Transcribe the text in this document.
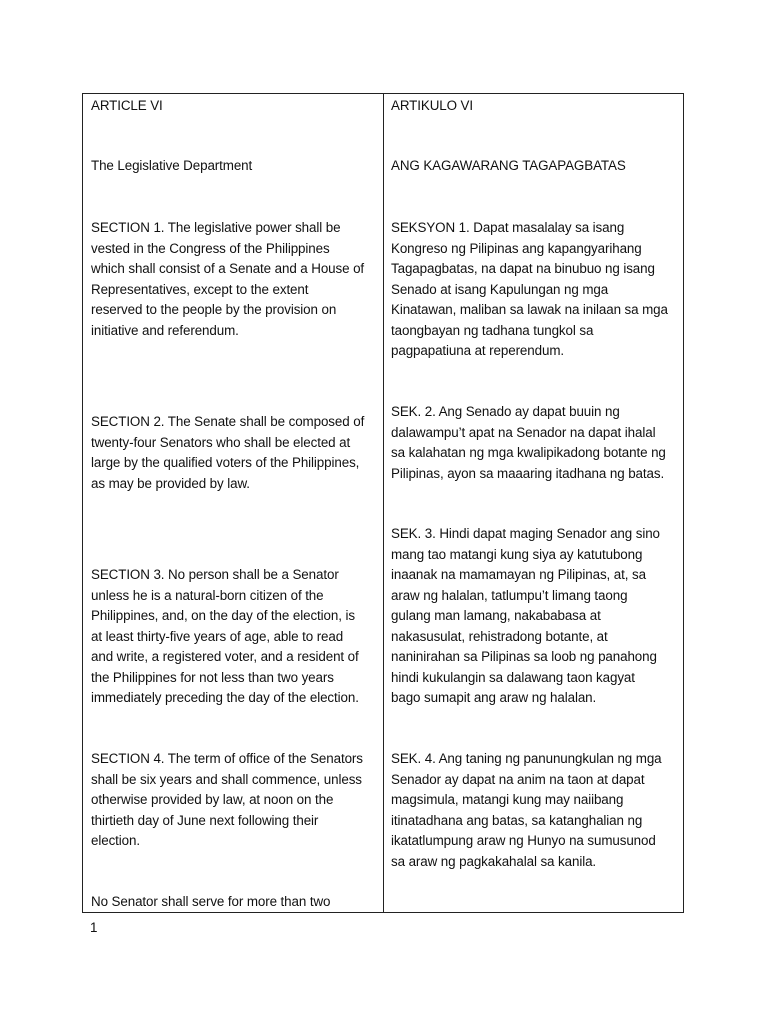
ARTICLE VI
The Legislative Department
SECTION 1. The legislative power shall be
vested in the Congress of the Philippines
which shall consist of a Senate and a House of
Representatives, except to the extent
reserved to the people by the provision on
initiative and referendum.
SECTION 2. The Senate shall be composed of
twenty-four Senators who shall be elected at
large by the qualified voters of the Philippines,
as may be provided by law.
SECTION 3. No person shall be a Senator
unless he is a natural-born citizen of the
Philippines, and, on the day of the election, is
at least thirty-five years of age, able to read
and write, a registered voter, and a resident of
the Philippines for not less than two years
immediately preceding the day of the election.
SECTION 4. The term of office of the Senators
shall be six years and shall commence, unless
otherwise provided by law, at noon on the
thirtieth day of June next following their
election.
No Senator shall serve for more than two
ARTIKULO VI
ANG KAGAWARANG TAGAPAGBATAS
SEKSYON 1. Dapat masalalay sa isang
Kongreso ng Pilipinas ang kapangyarihang
Tagapagbatas, na dapat na binubuo ng isang
Senado at isang Kapulungan ng mga
Kinatawan, maliban sa lawak na inilaan sa mga
taongbayan ng tadhana tungkol sa
pagpapatiuna at reperendum.
SEK. 2. Ang Senado ay dapat buuin ng
dalawampu’t apat na Senador na dapat ihalal
sa kalahatan ng mga kwalipikadong botante ng
Pilipinas, ayon sa maaaring itadhana ng batas.
SEK. 3. Hindi dapat maging Senador ang sino
mang tao matangi kung siya ay katutubong
inaanak na mamamayan ng Pilipinas, at, sa
araw ng halalan, tatlumpu’t limang taong
gulang man lamang, nakababasa at
nakasusulat, rehistradong botante, at
naninirahan sa Pilipinas sa loob ng panahong
hindi kukulangin sa dalawang taon kagyat
bago sumapit ang araw ng halalan.
SEK. 4. Ang taning ng panunungkulan ng mga
Senador ay dapat na anim na taon at dapat
magsimula, matangi kung may naiibang
itinatadhana ang batas, sa katanghalian ng
ikatatlumpung araw ng Hunyo na sumusunod
sa araw ng pagkakahalal sa kanila.
1
